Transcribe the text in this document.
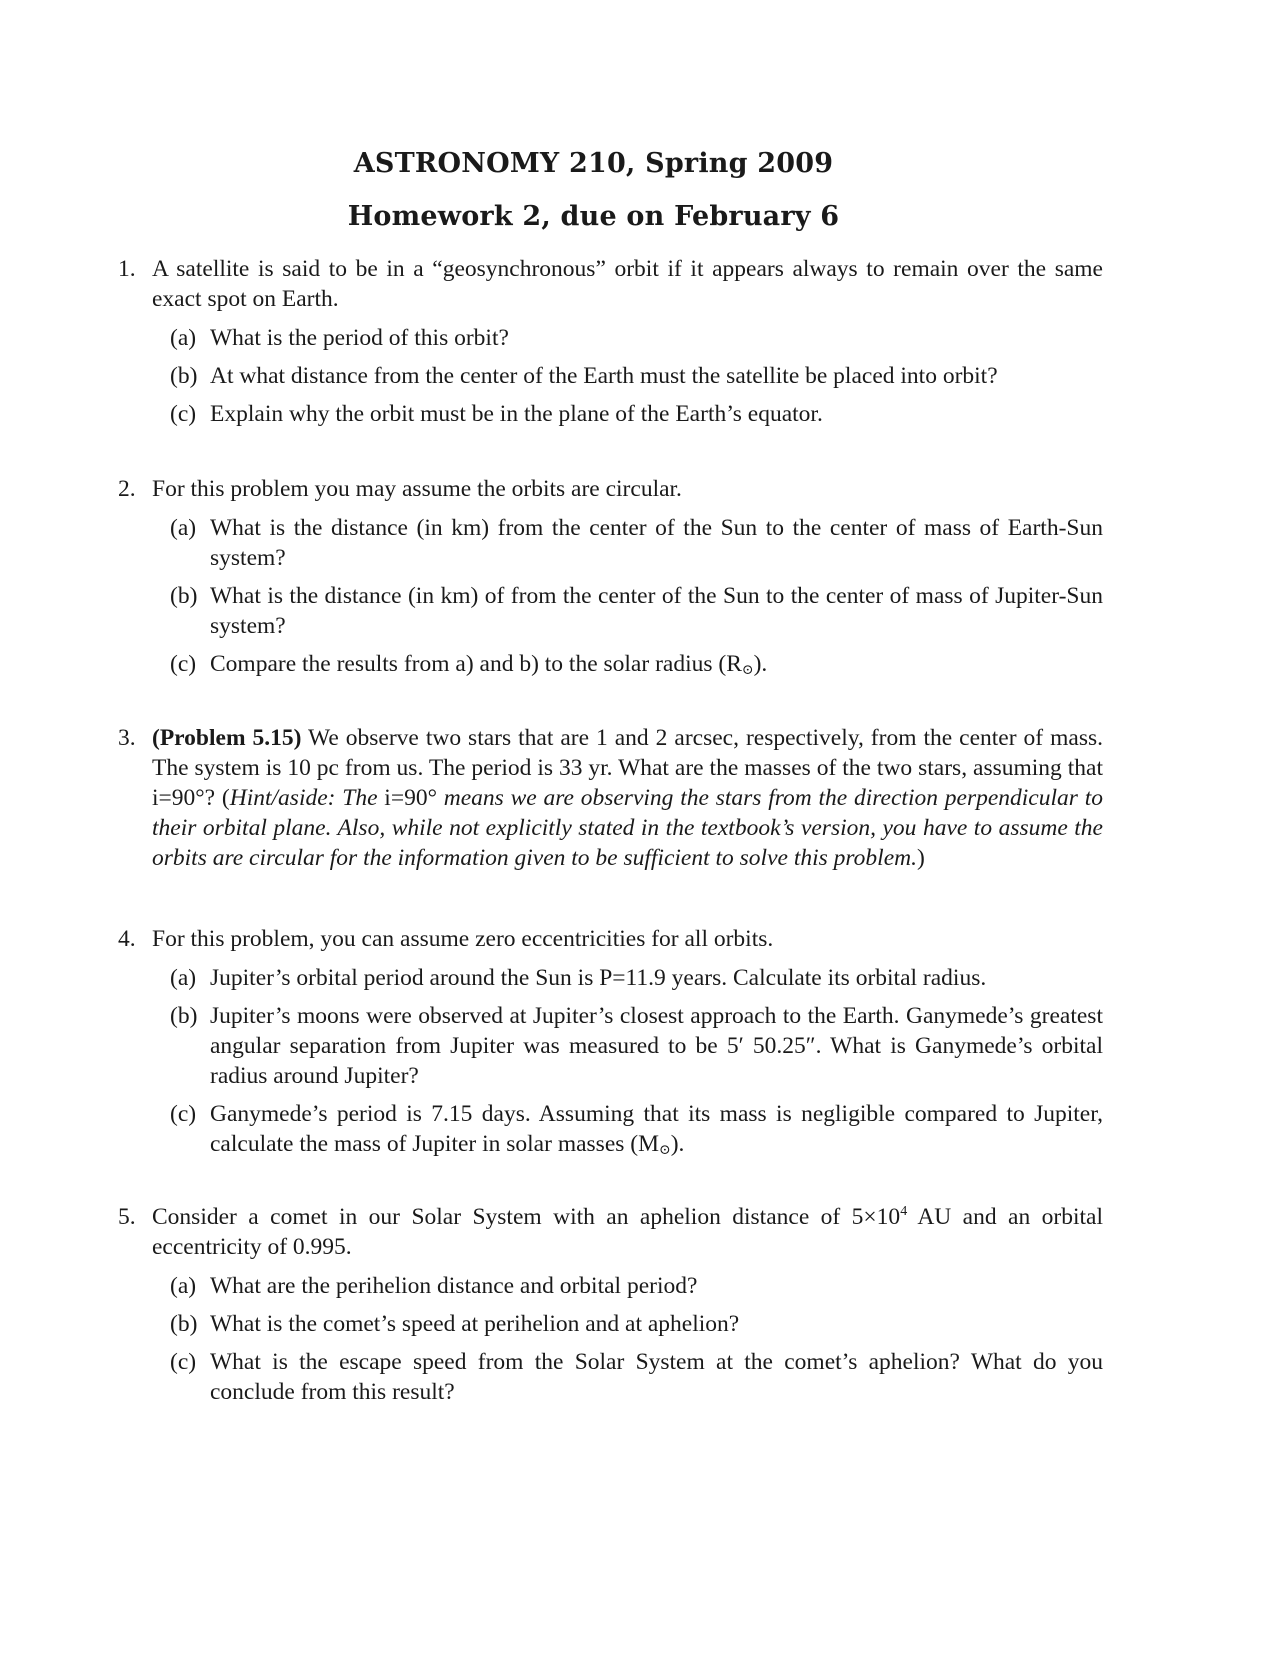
ASTRONOMY 210, Spring 2009
Homework 2, due on February 6
1. A satellite is said to be in a “geosynchronous” orbit if it appears always to remain over the same exact spot on Earth.
(a) What is the period of this orbit?
(b) At what distance from the center of the Earth must the satellite be placed into orbit?
(c) Explain why the orbit must be in the plane of the Earth’s equator.
2. For this problem you may assume the orbits are circular.
(a) What is the distance (in km) from the center of the Sun to the center of mass of Earth-Sun system?
(b) What is the distance (in km) of from the center of the Sun to the center of mass of Jupiter-Sun system?
(c) Compare the results from a) and b) to the solar radius $(R_⊙)$.
3. (Problem 5.15) We observe two stars that are 1 and 2 arcsec, respectively, from the center of mass. The system is 10 pc from us. The period is 33 yr. What are the masses of the two stars, assuming that i=90°? (Hint/aside: The i=90° means we are observing the stars from the direction perpendicular to their orbital plane. Also, while not explicitly stated in the textbook’s version, you have to assume the orbits are circular for the information given to be sufficient to solve this problem.)
4. For this problem, you can assume zero eccentricities for all orbits.
(a) Jupiter’s orbital period around the Sun is P=11.9 years. Calculate its orbital radius.
(b) Jupiter’s moons were observed at Jupiter’s closest approach to the Earth. Ganymede’s greatest angular separation from Jupiter was measured to be 5′ 50.25″. What is Ganymede’s orbital radius around Jupiter?
(c) Ganymede’s period is 7.15 days. Assuming that its mass is negligible compared to Jupiter, calculate the mass of Jupiter in solar masses $(M_⊙)$.
5. Consider a comet in our Solar System with an aphelion distance of $5\times 10^4$ AU and an orbital eccentricity of 0.995.
(a) What are the perihelion distance and orbital period?
(b) What is the comet’s speed at perihelion and at aphelion?
(c) What is the escape speed from the Solar System at the comet’s aphelion? What do you conclude from this result?
